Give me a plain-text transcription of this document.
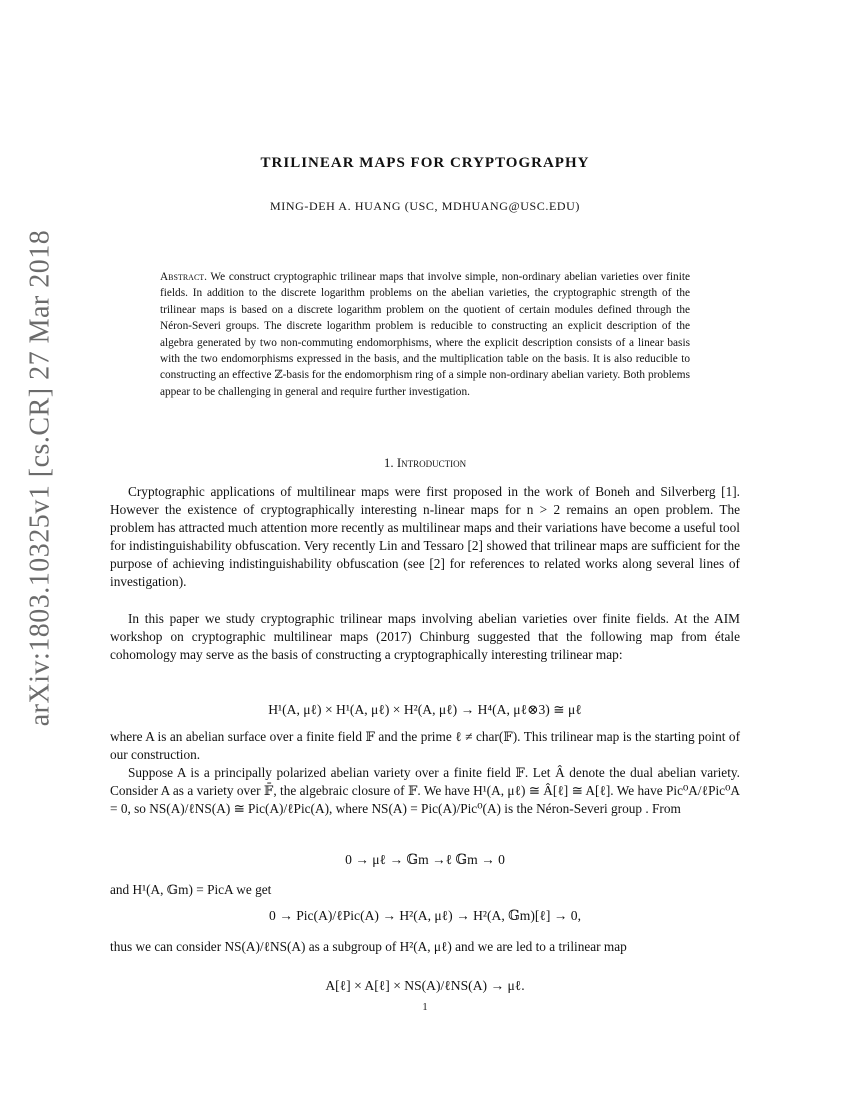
arXiv:1803.10325v1 [cs.CR] 27 Mar 2018
TRILINEAR MAPS FOR CRYPTOGRAPHY
MING-DEH A. HUANG (USC, MDHUANG@USC.EDU)
Abstract. We construct cryptographic trilinear maps that involve simple, non-ordinary abelian varieties over finite fields. In addition to the discrete logarithm problems on the abelian varieties, the cryptographic strength of the trilinear maps is based on a discrete logarithm problem on the quotient of certain modules defined through the Néron-Severi groups. The discrete logarithm problem is reducible to constructing an explicit description of the algebra generated by two non-commuting endomorphisms, where the explicit description consists of a linear basis with the two endomorphisms expressed in the basis, and the multiplication table on the basis. It is also reducible to constructing an effective ℤ-basis for the endomorphism ring of a simple non-ordinary abelian variety. Both problems appear to be challenging in general and require further investigation.
1. Introduction

Cryptographic applications of multilinear maps were first proposed in the work of Boneh and Silverberg [1]. However the existence of cryptographically interesting n-linear maps for n > 2 remains an open problem. The problem has attracted much attention more recently as multilinear maps and their variations have become a useful tool for indistinguishability obfuscation. Very recently Lin and Tessaro [2] showed that trilinear maps are sufficient for the purpose of achieving indistinguishability obfuscation (see [2] for references to related works along several lines of investigation).

In this paper we study cryptographic trilinear maps involving abelian varieties over finite fields. At the AIM workshop on cryptographic multilinear maps (2017) Chinburg suggested that the following map from étale cohomology may serve as the basis of constructing a cryptographically interesting trilinear map:

H¹(A, μℓ) × H¹(A, μℓ) × H²(A, μℓ) → H⁴(A, μℓ⊗3) ≅ μℓ

where A is an abelian surface over a finite field 𝔽 and the prime ℓ ≠ char(𝔽). This trilinear map is the starting point of our construction.

Suppose A is a principally polarized abelian variety over a finite field 𝔽. Let Â denote the dual abelian variety. Consider A as a variety over 𝔽̄, the algebraic closure of 𝔽. We have H¹(A, μℓ) ≅ Â[ℓ] ≅ A[ℓ]. We have Pic⁰A/ℓPic⁰A = 0, so NS(A)/ℓNS(A) ≅ Pic(A)/ℓPic(A), where NS(A) = Pic(A)/Pic⁰(A) is the Néron-Severi group . From

0 → μℓ → 𝔾m →ℓ 𝔾m → 0

and H¹(A, 𝔾m) = PicA we get

0 → Pic(A)/ℓPic(A) → H²(A, μℓ) → H²(A, 𝔾m)[ℓ] → 0,

thus we can consider NS(A)/ℓNS(A) as a subgroup of H²(A, μℓ) and we are led to a trilinear map

A[ℓ] × A[ℓ] × NS(A)/ℓNS(A) → μℓ.
1
